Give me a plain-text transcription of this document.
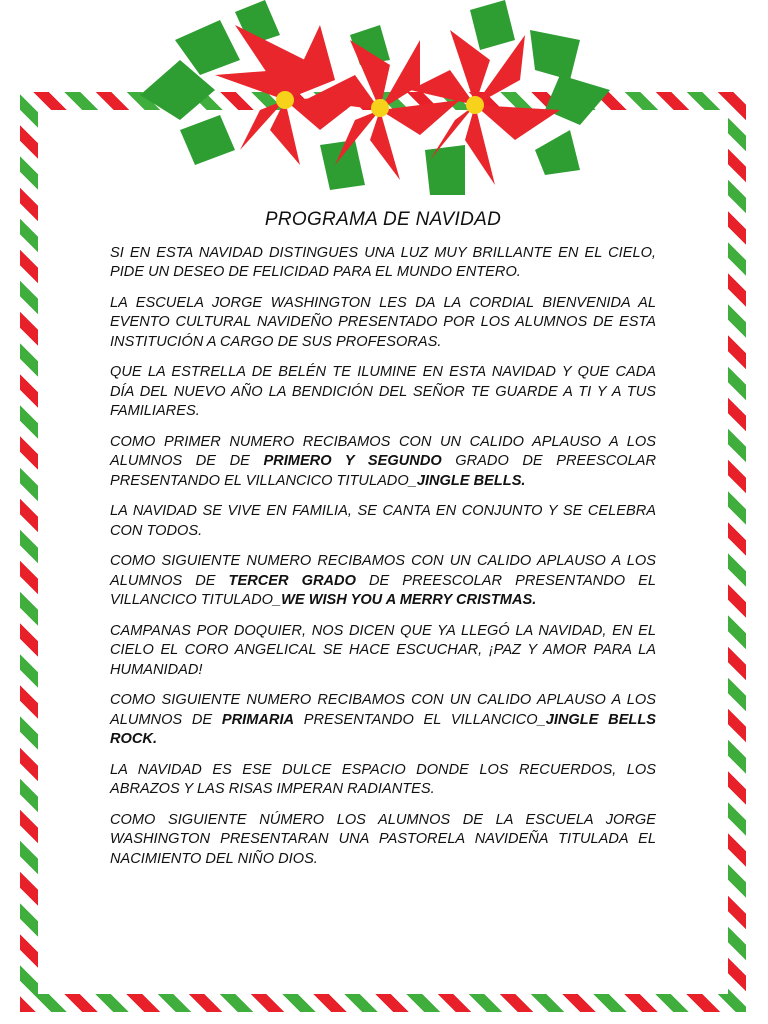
PROGRAMA DE NAVIDAD

SI EN ESTA NAVIDAD DISTINGUES UNA LUZ MUY BRILLANTE EN EL CIELO, PIDE UN DESEO DE FELICIDAD PARA EL MUNDO ENTERO.

LA ESCUELA JORGE WASHINGTON LES DA LA CORDIAL BIENVENIDA AL EVENTO CULTURAL NAVIDEÑO PRESENTADO POR LOS ALUMNOS DE ESTA INSTITUCIÓN A CARGO DE SUS PROFESORAS.

QUE LA ESTRELLA DE BELÉN TE ILUMINE EN ESTA NAVIDAD Y QUE CADA DÍA DEL NUEVO AÑO LA BENDICIÓN DEL SEÑOR TE GUARDE A TI Y A TUS FAMILIARES.

COMO PRIMER NUMERO RECIBAMOS CON UN CALIDO APLAUSO A LOS ALUMNOS DE DE PRIMERO Y SEGUNDO GRADO DE PREESCOLAR PRESENTANDO EL VILLANCICO TITULADO_JINGLE BELLS.

LA NAVIDAD SE VIVE EN FAMILIA, SE CANTA EN CONJUNTO Y SE CELEBRA CON TODOS.

COMO SIGUIENTE NUMERO RECIBAMOS CON UN CALIDO APLAUSO A LOS ALUMNOS DE TERCER GRADO DE PREESCOLAR PRESENTANDO EL VILLANCICO TITULADO_WE WISH YOU A MERRY CRISTMAS.

CAMPANAS POR DOQUIER, NOS DICEN QUE YA LLEGÓ LA NAVIDAD, EN EL CIELO EL CORO ANGELICAL SE HACE ESCUCHAR, ¡PAZ Y AMOR PARA LA HUMANIDAD!

COMO SIGUIENTE NUMERO RECIBAMOS CON UN CALIDO APLAUSO A LOS ALUMNOS DE PRIMARIA PRESENTANDO EL VILLANCICO_JINGLE BELLS ROCK.

LA NAVIDAD ES ESE DULCE ESPACIO DONDE LOS RECUERDOS, LOS ABRAZOS Y LAS RISAS IMPERAN RADIANTES.

COMO SIGUIENTE NÚMERO LOS ALUMNOS DE LA ESCUELA JORGE WASHINGTON PRESENTARAN UNA PASTORELA NAVIDEÑA TITULADA EL NACIMIENTO DEL NIÑO DIOS.
